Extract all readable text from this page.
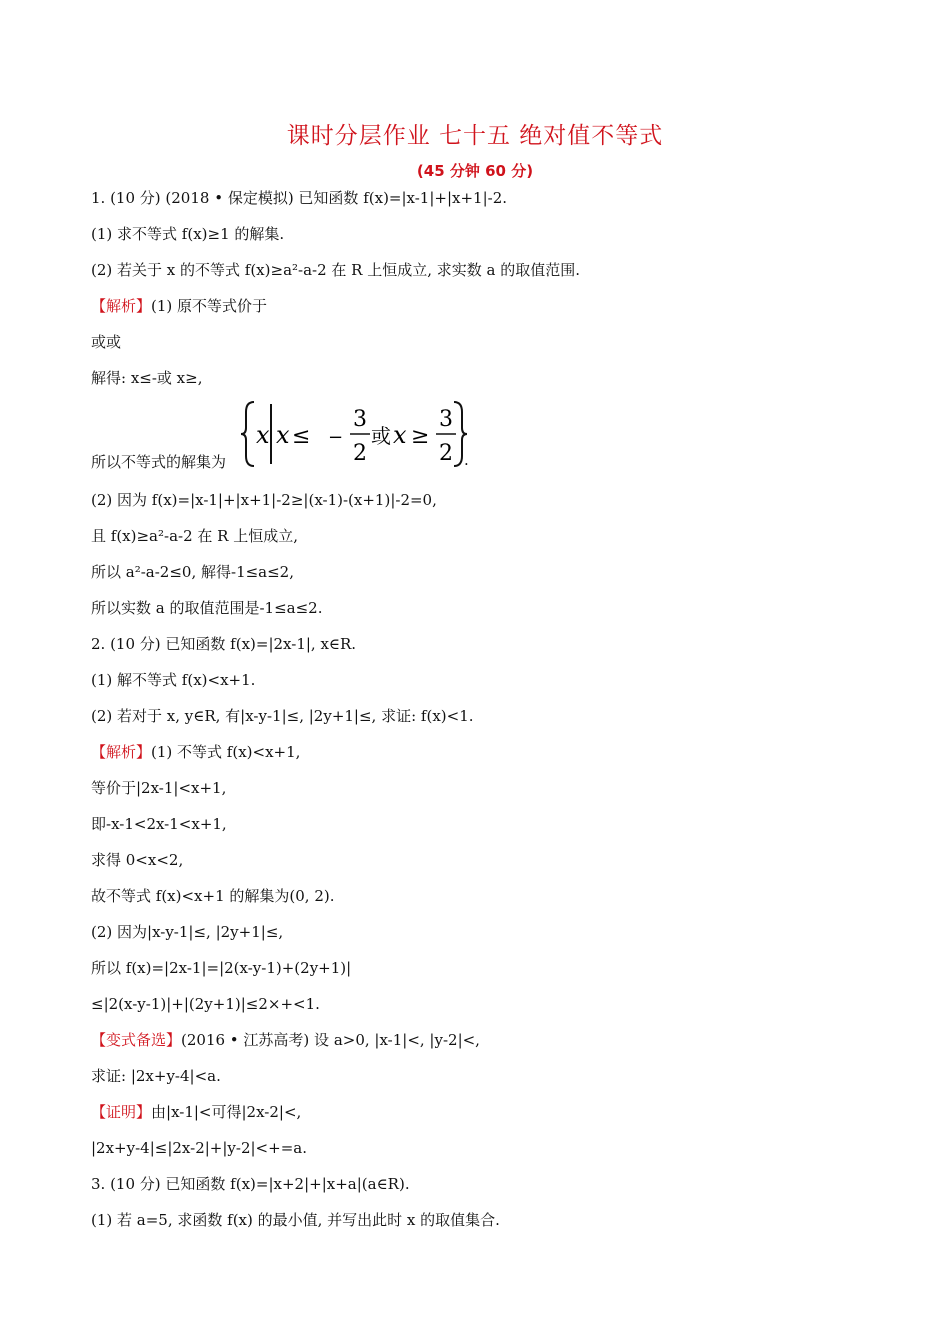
课时分层作业 七十五 绝对值不等式
(45 分钟 60 分)
1. (10 分) (2018 • 保定模拟) 已知函数 f(x)=|x-1|+|x+1|-2.
(1) 求不等式 f(x)≥1 的解集.
(2) 若关于 x 的不等式 f(x)≥a²-a-2 在 R 上恒成立, 求实数 a 的取值范围.
【解析】(1) 原不等式价于
或或
解得: x≤-或 x≥,
(2) 因为 f(x)=|x-1|+|x+1|-2≥|(x-1)-(x+1)|-2=0,
且 f(x)≥a²-a-2 在 R 上恒成立,
所以 a²-a-2≤0, 解得-1≤a≤2,
所以实数 a 的取值范围是-1≤a≤2.
2. (10 分) 已知函数 f(x)=|2x-1|, x∈R.
(1) 解不等式 f(x)<x+1.
(2) 若对于 x, y∈R, 有|x-y-1|≤, |2y+1|≤, 求证: f(x)<1.
【解析】(1) 不等式 f(x)<x+1,
等价于|2x-1|<x+1,
即-x-1<2x-1<x+1,
求得 0<x<2,
故不等式 f(x)<x+1 的解集为(0, 2).
(2) 因为|x-y-1|≤, |2y+1|≤,
所以 f(x)=|2x-1|=|2(x-y-1)+(2y+1)|
≤|2(x-y-1)|+|(2y+1)|≤2×+<1.
【变式备选】(2016 • 江苏高考) 设 a>0, |x-1|<, |y-2|<,
求证: |2x+y-4|<a.
【证明】由|x-1|<可得|2x-2|<,
|2x+y-4|≤|2x-2|+|y-2|<+=a.
3. (10 分) 已知函数 f(x)=|x+2|+|x+a|(a∈R).
(1) 若 a=5, 求函数 f(x) 的最小值, 并写出此时 x 的取值集合.
所以不等式的解集为
x x ≤ −
3
2
或 x ≥
3
2 .
